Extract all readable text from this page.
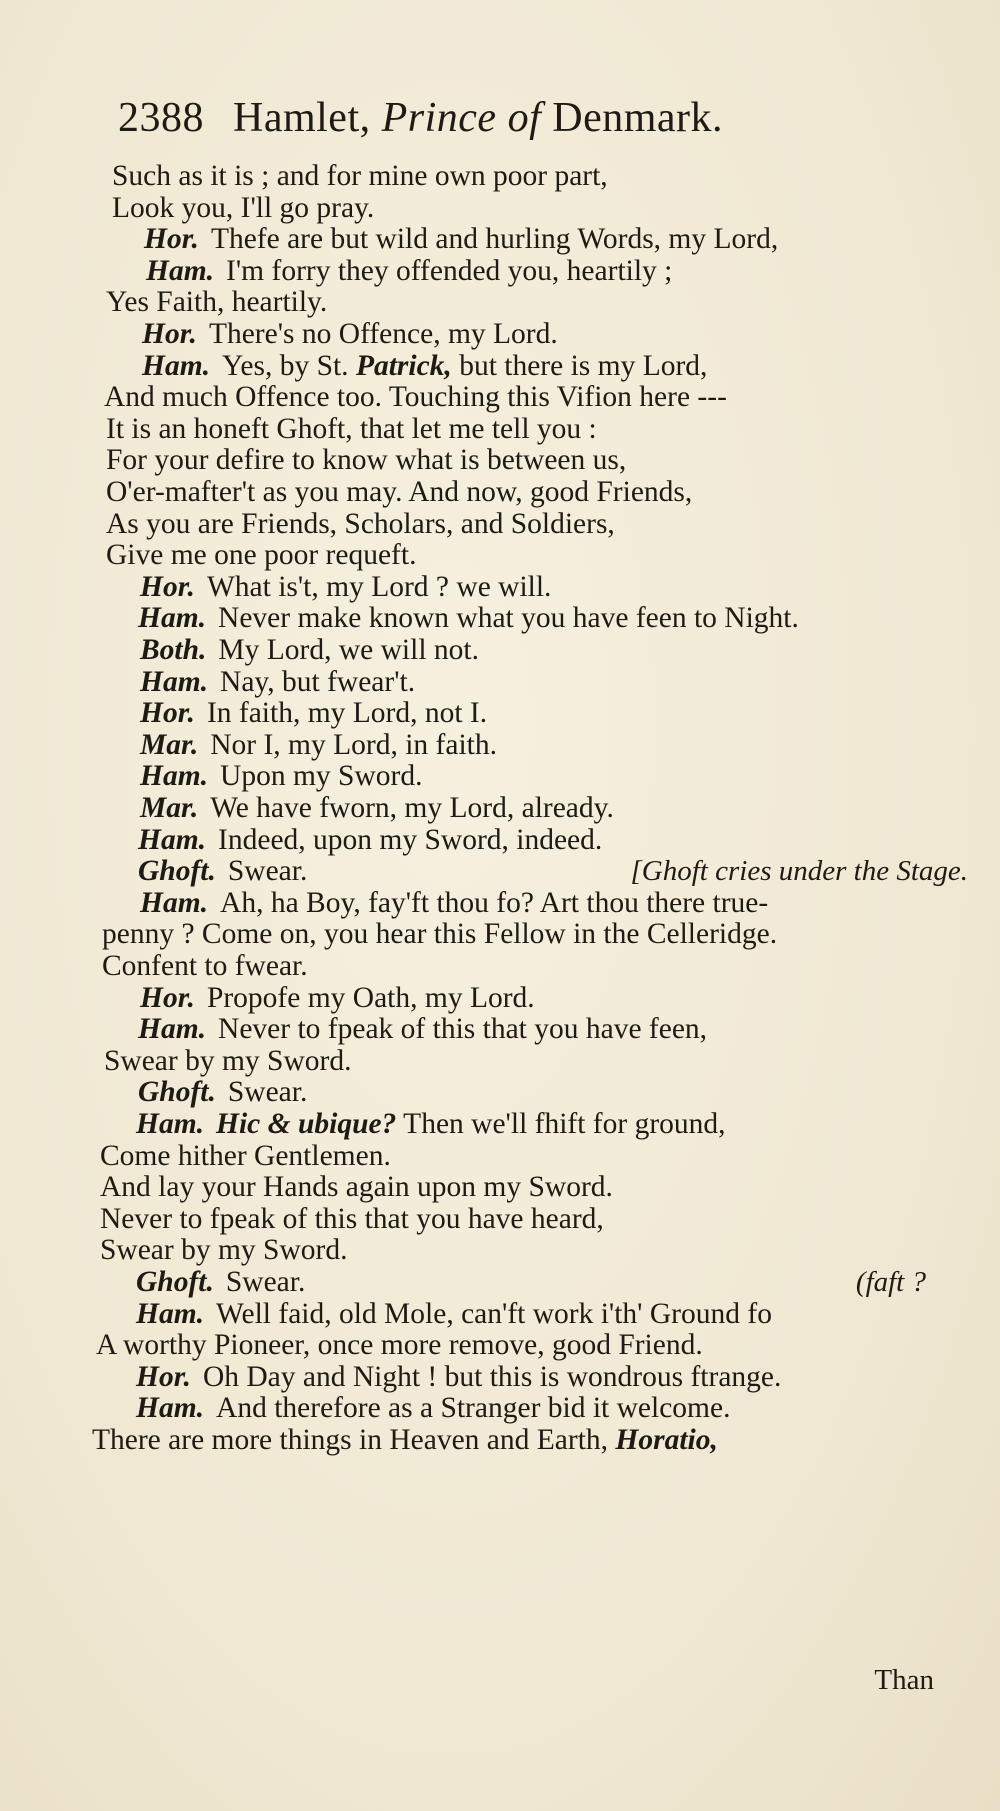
2388 Hamlet, Prince of Denmark.
Such as it is ; and for mine own poor part,
Look you, I'll go pray.
Hor. Thefe are but wild and hurling Words, my Lord,
Ham. I'm forry they offended you, heartily ;
Yes Faith, heartily.
Hor. There's no Offence, my Lord.
Ham. Yes, by St. Patrick, but there is my Lord,
And much Offence too. Touching this Vifion here ---
It is an honeft Ghoft, that let me tell you :
For your defire to know what is between us,
O'er-mafter't as you may. And now, good Friends,
As you are Friends, Scholars, and Soldiers,
Give me one poor requeft.
Hor. What is't, my Lord ? we will.
Ham. Never make known what you have feen to Night.
Both. My Lord, we will not.
Ham. Nay, but fwear't.
Hor. In faith, my Lord, not I.
Mar. Nor I, my Lord, in faith.
Ham. Upon my Sword.
Mar. We have fworn, my Lord, already.
Ham. Indeed, upon my Sword, indeed.
Ghoft. Swear.	[Ghoft cries under the Stage.
Ham. Ah, ha Boy, fay'ft thou fo? Art thou there true-
penny ? Come on, you hear this Fellow in the Celleridge.
Confent to fwear.
Hor. Propofe my Oath, my Lord.
Ham. Never to fpeak of this that you have feen,
Swear by my Sword.
Ghoft. Swear.
Ham. Hic & ubique? Then we'll fhift for ground,
Come hither Gentlemen.
And lay your Hands again upon my Sword.
Never to fpeak of this that you have heard,
Swear by my Sword.
Ghoft. Swear.	(faft ?
Ham. Well faid, old Mole, can'ft work i'th' Ground fo
A worthy Pioneer, once more remove, good Friend.
Hor. Oh Day and Night ! but this is wondrous ftrange.
Ham. And therefore as a Stranger bid it welcome.
There are more things in Heaven and Earth, Horatio,
Than
